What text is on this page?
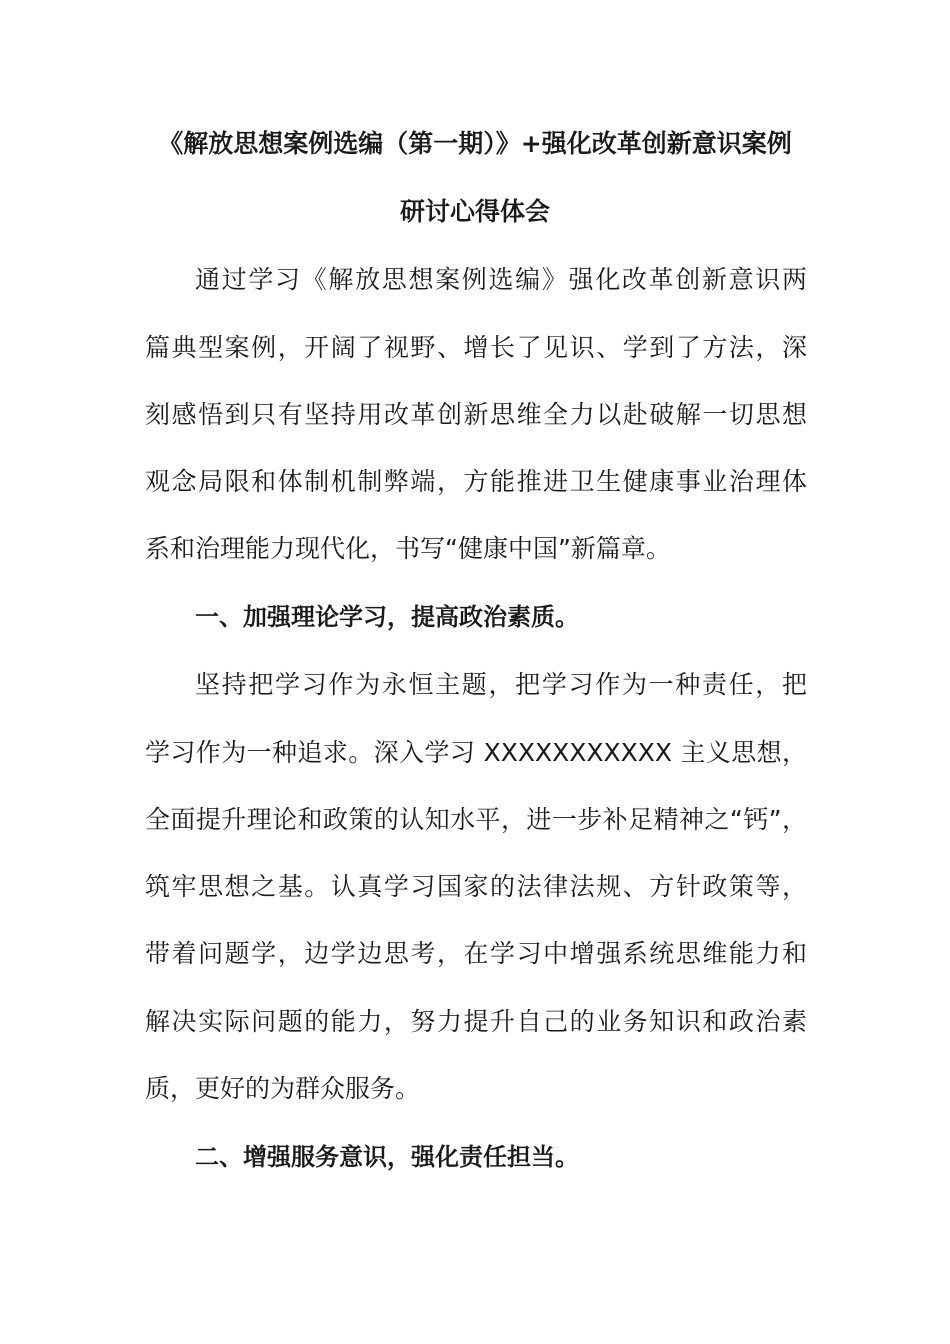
《解放思想案例选编（第一期）》+强化改革创新意识案例
研讨心得体会
通过学习《解放思想案例选编》强化改革创新意识两
篇典型案例，开阔了视野、增长了见识、学到了方法，深
刻感悟到只有坚持用改革创新思维全力以赴破解一切思想
观念局限和体制机制弊端，方能推进卫生健康事业治理体
系和治理能力现代化，书写“健康中国”新篇章。
一、加强理论学习，提高政治素质。
坚持把学习作为永恒主题，把学习作为一种责任，把
学习作为一种追求。深入学习 XXXXXXXXXXX 主义思想，
全面提升理论和政策的认知水平，进一步补足精神之“钙”，
筑牢思想之基。认真学习国家的法律法规、方针政策等，
带着问题学，边学边思考，在学习中增强系统思维能力和
解决实际问题的能力，努力提升自己的业务知识和政治素
质，更好的为群众服务。
二、增强服务意识，强化责任担当。
